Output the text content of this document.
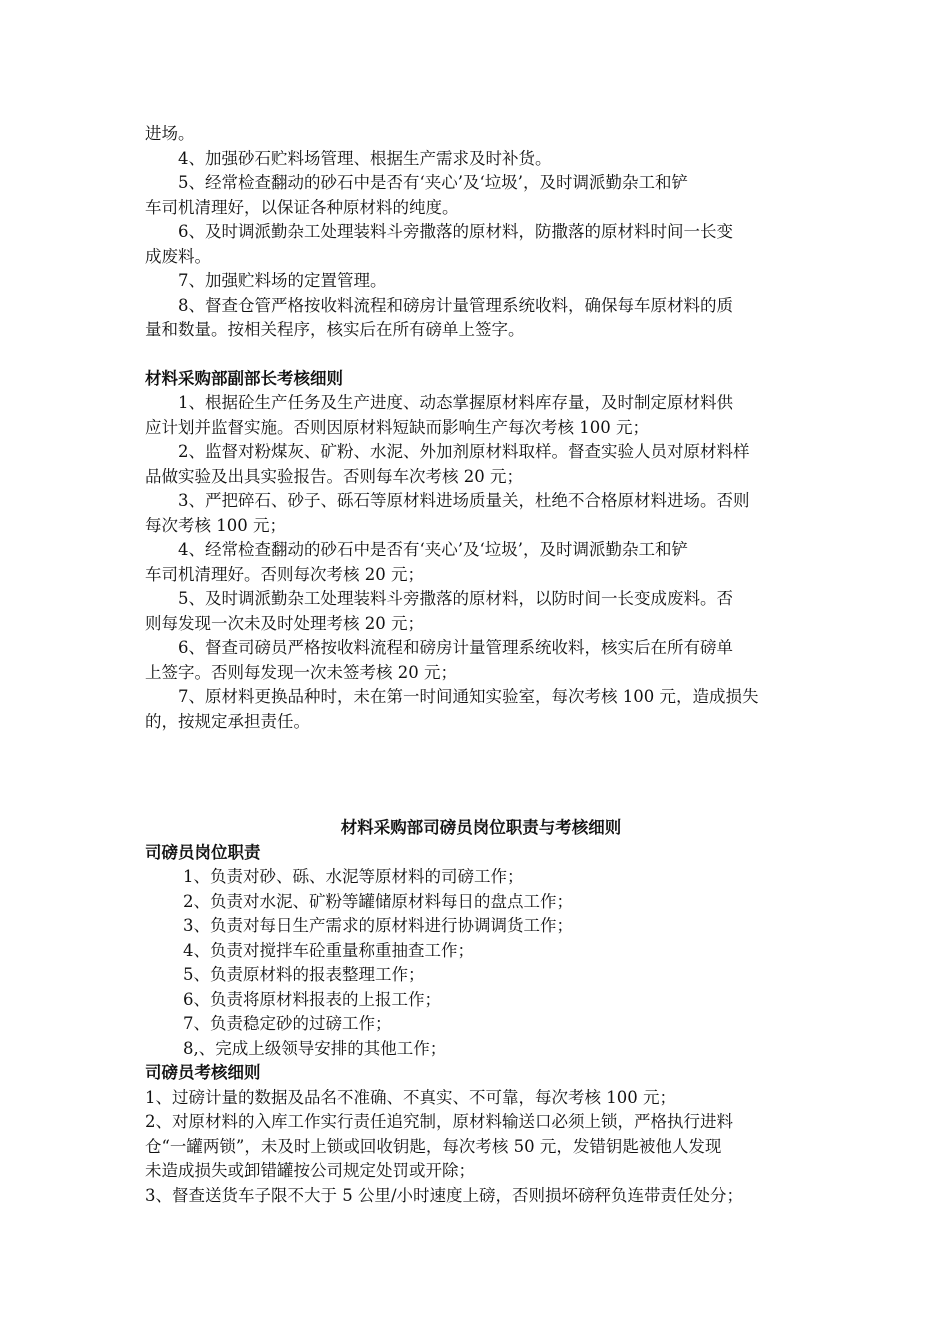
进场。
4、加强砂石贮料场管理、根据生产需求及时补货。
5、经常检查翻动的砂石中是否有‘夹心’及‘垃圾’，及时调派勤杂工和铲
车司机清理好，以保证各种原材料的纯度。
6、及时调派勤杂工处理装料斗旁撒落的原材料，防撒落的原材料时间一长变
成废料。
7、加强贮料场的定置管理。
8、督查仓管严格按收料流程和磅房计量管理系统收料，确保每车原材料的质
量和数量。按相关程序，核实后在所有磅单上签字。
材料采购部副部长考核细则
1、根据砼生产任务及生产进度、动态掌握原材料库存量，及时制定原材料供
应计划并监督实施。否则因原材料短缺而影响生产每次考核 100 元；
2、监督对粉煤灰、矿粉、水泥、外加剂原材料取样。督查实验人员对原材料样
品做实验及出具实验报告。否则每车次考核 20 元；
3、严把碎石、砂子、砾石等原材料进场质量关，杜绝不合格原材料进场。否则
每次考核 100 元；
4、经常检查翻动的砂石中是否有‘夹心’及‘垃圾’，及时调派勤杂工和铲
车司机清理好。否则每次考核 20 元；
5、及时调派勤杂工处理装料斗旁撒落的原材料，以防时间一长变成废料。否
则每发现一次未及时处理考核 20 元；
6、督查司磅员严格按收料流程和磅房计量管理系统收料，核实后在所有磅单
上签字。否则每发现一次未签考核 20 元；
7、原材料更换品种时，未在第一时间通知实验室，每次考核 100 元，造成损失
的，按规定承担责任。
材料采购部司磅员岗位职责与考核细则
司磅员岗位职责
1、负责对砂、砾、水泥等原材料的司磅工作；
2、负责对水泥、矿粉等罐储原材料每日的盘点工作；
3、负责对每日生产需求的原材料进行协调调货工作；
4、负责对搅拌车砼重量称重抽查工作；
5、负责原材料的报表整理工作；
6、负责将原材料报表的上报工作；
7、负责稳定砂的过磅工作；
8,、完成上级领导安排的其他工作；
司磅员考核细则
1、过磅计量的数据及品名不准确、不真实、不可靠，每次考核 100 元；
2、对原材料的入库工作实行责任追究制，原材料输送口必须上锁，严格执行进料
仓“一罐两锁”，未及时上锁或回收钥匙，每次考核 50 元，发错钥匙被他人发现
未造成损失或卸错罐按公司规定处罚或开除；
3、督查送货车子限不大于 5 公里/小时速度上磅，否则损坏磅秤负连带责任处分；
